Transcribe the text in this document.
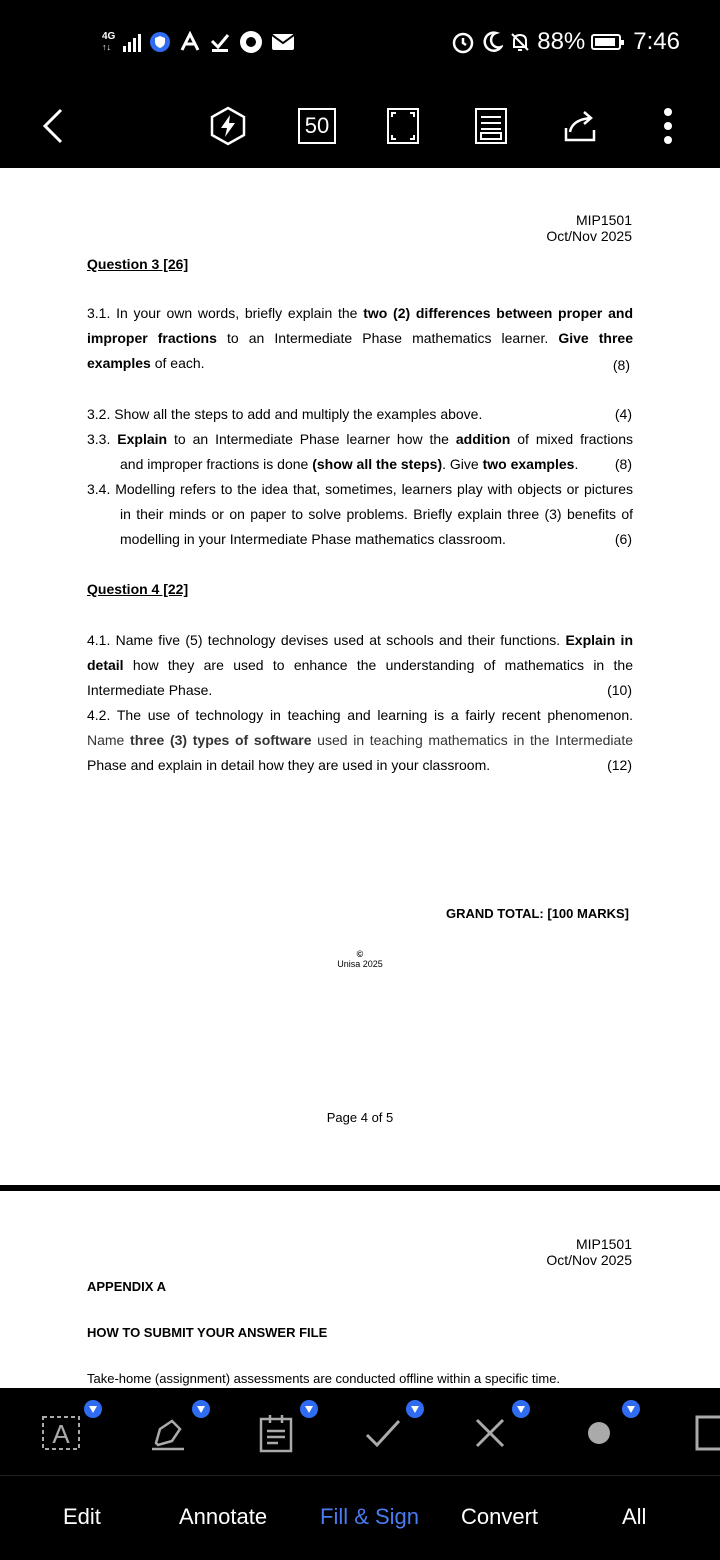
4G
↑↓	88% 7:46
50
MIP1501
Oct/Nov 2025
Question 3 [26]
3.1. In your own words, briefly explain the two (2) differences between proper and
improper fractions to an Intermediate Phase mathematics learner. Give three
examples of each.	(8)
3.2. Show all the steps to add and multiply the examples above.	(4)
3.3. Explain to an Intermediate Phase learner how the addition of mixed fractions
and improper fractions is done (show all the steps). Give two examples.	(8)
3.4. Modelling refers to the idea that, sometimes, learners play with objects or pictures
in their minds or on paper to solve problems. Briefly explain three (3) benefits of
modelling in your Intermediate Phase mathematics classroom.	(6)
Question 4 [22]
4.1. Name five (5) technology devises used at schools and their functions. Explain in
detail how they are used to enhance the understanding of mathematics in the
Intermediate Phase.	(10)
4.2. The use of technology in teaching and learning is a fairly recent phenomenon.
Name three (3) types of software used in teaching mathematics in the Intermediate
Phase and explain in detail how they are used in your classroom.	(12)
GRAND TOTAL: [100 MARKS]
©
Unisa 2025
Page 4 of 5
MIP1501
Oct/Nov 2025
APPENDIX A
HOW TO SUBMIT YOUR ANSWER FILE
Take-home (assignment) assessments are conducted offline within a specific time.
A
Edit	Annotate Fill & Sign Convert	All
